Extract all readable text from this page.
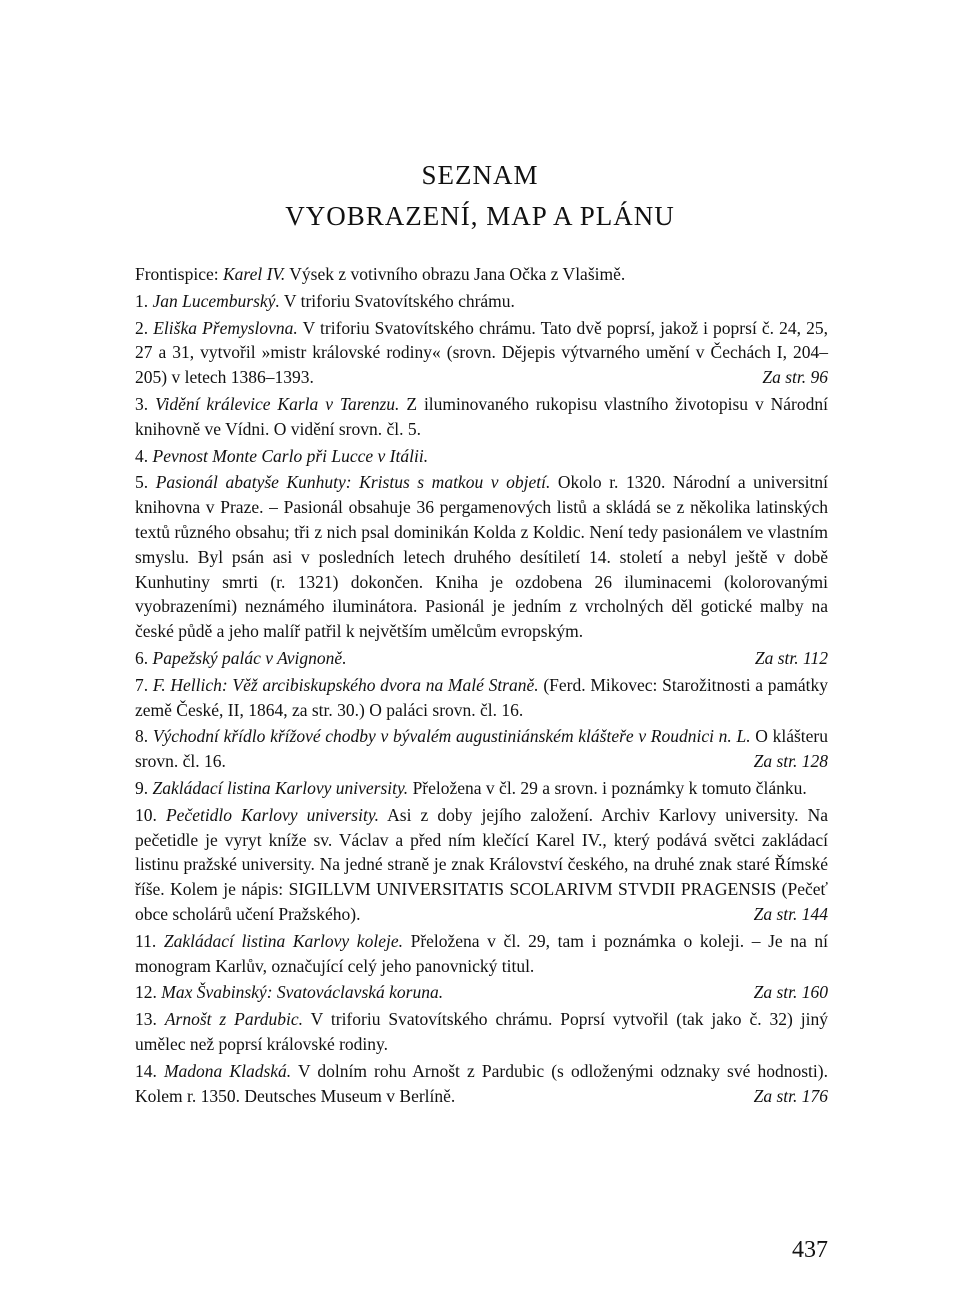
SEZNAM
VYOBRAZENÍ, MAP A PLÁNU

Frontispice: Karel IV. Výsek z votivního obrazu Jana Očka z Vlašimě.

1. Jan Lucemburský. V triforiu Svatovítského chrámu.

2. Eliška Přemyslovna. V triforiu Svatovítského chrámu. Tato dvě poprsí, jakož i poprsí č. 24, 25, 27 a 31, vytvořil »mistr královské rodiny« (srovn. Dějepis výtvarného umění v Čechách I, 204–205) v letech 1386–1393.	Za str. 96

3. Vidění králevice Karla v Tarenzu. Z iluminovaného rukopisu vlastního životopisu v Národní knihovně ve Vídni. O vidění srovn. čl. 5.

4. Pevnost Monte Carlo při Lucce v Itálii.

5. Pasionál abatyše Kunhuty: Kristus s matkou v objetí. Okolo r. 1320. Národní a universitní knihovna v Praze. – Pasionál obsahuje 36 pergamenových listů a skládá se z několika latinských textů různého obsahu; tři z nich psal dominikán Kolda z Koldic. Není tedy pasionálem ve vlastním smyslu. Byl psán asi v posledních letech druhého desítiletí 14. století a nebyl ještě v době Kunhutiny smrti (r. 1321) dokončen. Kniha je ozdobena 26 iluminacemi (kolorovanými vyobrazeními) neznámého iluminátora. Pasionál je jedním z vrcholných děl gotické malby na české půdě a jeho malíř patřil k největším umělcům evropským.

6. Papežský palác v Avignoně.	Za str. 112

7. F. Hellich: Věž arcibiskupského dvora na Malé Straně. (Ferd. Mikovec: Starožitnosti a památky země České, II, 1864, za str. 30.) O paláci srovn. čl. 16.

8. Východní křídlo křížové chodby v bývalém augustiniánském klášteře v Roudnici n. L. O klášteru srovn. čl. 16.	Za str. 128

9. Zakládací listina Karlovy university. Přeložena v čl. 29 a srovn. i poznámky k tomuto článku.

10. Pečetidlo Karlovy university. Asi z doby jejího založení. Archiv Karlovy university. Na pečetidle je vyryt kníže sv. Václav a před ním klečící Karel IV., který podává světci zakládací listinu pražské university. Na jedné straně je znak Království českého, na druhé znak staré Římské říše. Kolem je nápis: SIGILLVM UNIVERSITATIS SCOLARIVM STVDII PRAGENSIS (Pečeť obce scholárů učení Pražského).	Za str. 144

11. Zakládací listina Karlovy koleje. Přeložena v čl. 29, tam i poznámka o koleji. – Je na ní monogram Karlův, označující celý jeho panovnický titul.

12. Max Švabinský: Svatováclavská koruna.	Za str. 160

13. Arnošt z Pardubic. V triforiu Svatovítského chrámu. Poprsí vytvořil (tak jako č. 32) jiný umělec než poprsí královské rodiny.

14. Madona Kladská. V dolním rohu Arnošt z Pardubic (s odloženými odznaky své hodnosti). Kolem r. 1350. Deutsches Museum v Berlíně.	Za str. 176

437
